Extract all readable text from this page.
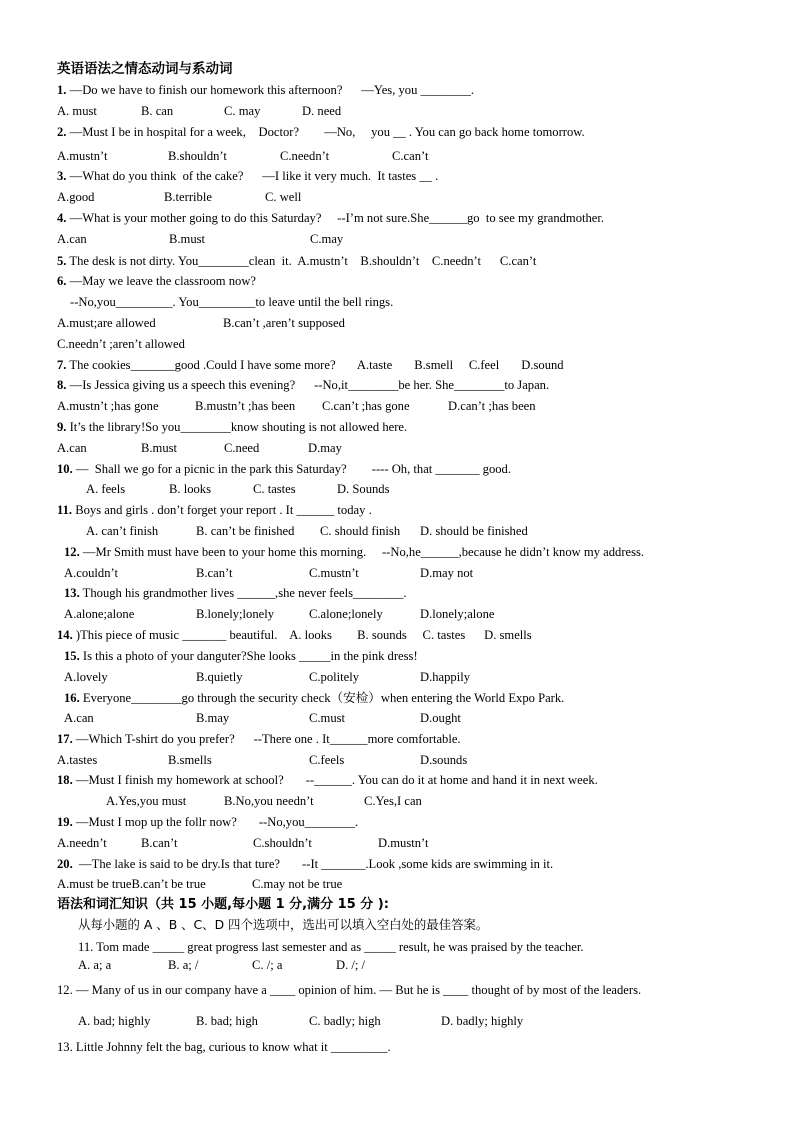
英语语法之情态动词与系动词
1. —Do we have to finish our homework this afternoon?      —Yes, you ________.
A. must	B. can	C. may	D. need
2. —Must I be in hospital for a week,    Doctor?        —No,     you __ . You can go back home tomorrow.
A.mustn’t	B.shouldn’t	C.needn’t	C.can’t
3. —What do you think  of the cake?      —I like it very much.  It tastes __ .
A.good	B.terrible	C. well
4. —What is your mother going to do this Saturday?     --I’m not sure.She______go  to see my grandmother.
A.can	B.must	C.may
5. The desk is not dirty. You________clean  it.  A.mustn’t    B.shouldn’t    C.needn’t      C.can’t
6. —May we leave the classroom now?
--No,you_________. You_________to leave until the bell rings.
A.must;are allowed	B.can’t ,aren’t supposed
C.needn’t ;aren’t allowed
7. The cookies_______good .Could I have some more?       A.taste       B.smell     C.feel       D.sound
8. —Is Jessica giving us a speech this evening?      --No,it________be her. She________to Japan.
A.mustn’t ;has gone	B.mustn’t ;has been C.can’t ;has gone	D.can’t ;has been
9. It’s the library!So you________know shouting is not allowed here.
A.can	B.must	C.need	D.may
10. —  Shall we go for a picnic in the park this Saturday?        ---- Oh, that _______ good.
A. feels	B. looks	C. tastes	D. Sounds
11. Boys and girls . don’t forget your report . It ______ today .
A. can’t finish	B. can’t be finished C. should finish D. should be finished
12. —Mr Smith must have been to your home this morning.     --No,he______,because he didn’t know my address.
A.couldn’t	B.can’t	C.mustn’t	D.may not
13. Though his grandmother lives ______,she never feels________.
A.alone;alone	B.lonely;lonely	C.alone;lonely	D.lonely;alone
14. )This piece of music _______ beautiful.    A. looks        B. sounds     C. tastes      D. smells
15. Is this a photo of your danguter?She looks _____in the pink dress!
A.lovely	B.quietly	C.politely	D.happily
16. Everyone________go through the security check（安检）when entering the World Expo Park.
A.can	B.may	C.must	D.ought
17. —Which T-shirt do you prefer?      --There one . It______more comfortable.
A.tastes	B.smells	C.feels	D.sounds
18. —Must I finish my homework at school?       --______. You can do it at home and hand it in next week.
A.Yes,you must	B.No,you needn’t	C.Yes,I can
19. —Must I mop up the follr now?       --No,you________.
A.needn’t	B.can’t	C.shouldn’t	D.mustn’t
20.  —The lake is said to be dry.Is that ture?       --It _______.Look ,some kids are swimming in it.
A.must be trueB.can’t be true	C.may not be true
语法和词汇知识（共 15 小题,每小题 1 分,满分 15 分 ):
从每小题的 A 、B 、C、D 四个选项中，选出可以填入空白处的最佳答案。
11. Tom made _____ great progress last semester and as _____ result, he was praised by the teacher.
A. a; a	B. a; /	C. /; a	D. /; /
12. — Many of us in our company have a ____ opinion of him. — But he is ____ thought of by most of the leaders.
A. bad; highly	B. bad; high	C. badly; high	D. badly; highly
13. Little Johnny felt the bag, curious to know what it _________.
